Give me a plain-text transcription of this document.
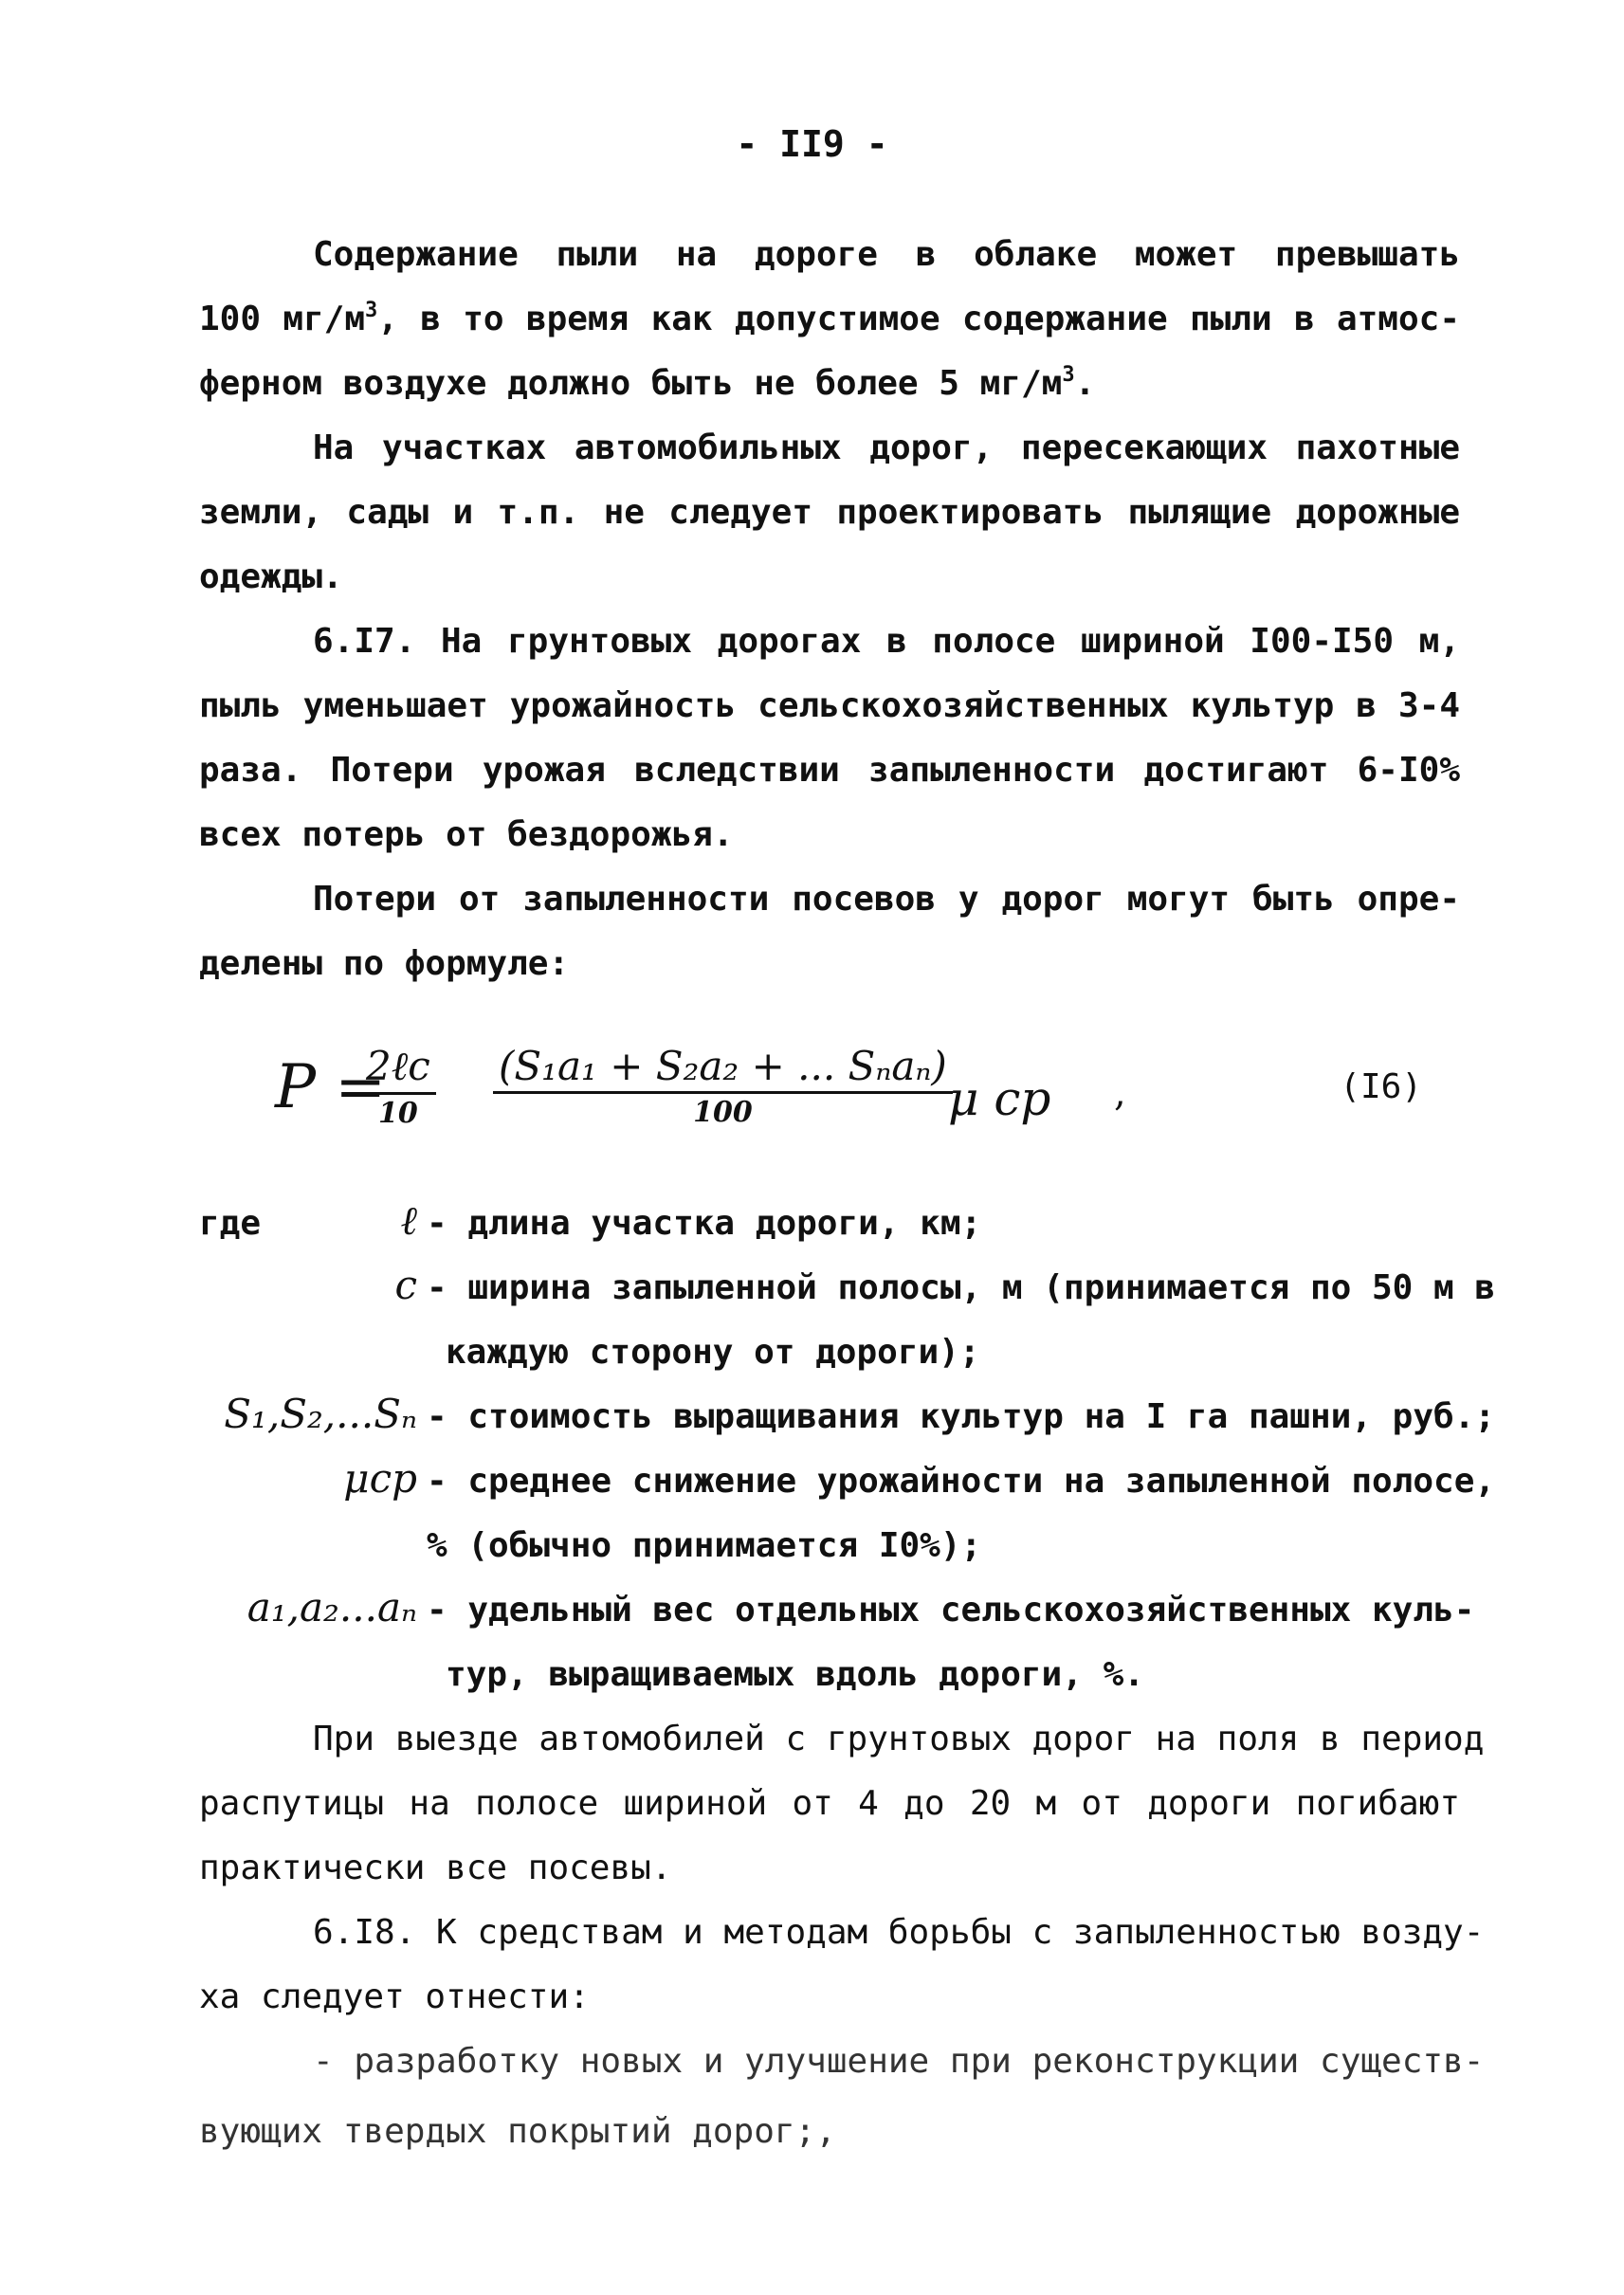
- II9 -
Содержание пыли на дороге в облаке может превышать
100 $мг/м^3$, в то время как допустимое содержание пыли в атмос-
ферном воздухе должно быть не более 5 $мг/м^3$.
На участках автомобильных дорог, пересекающих пахотные
земли, сады и т.п. не следует проектировать пылящие дорожные
одежды.
6.I7. На грунтовых дорогах в полосе шириной I00-I50 м,
пыль уменьшает урожайность сельскохозяйственных культур в 3-4
раза. Потери урожая вследствии запыленности достигают 6-I0%
всех потерь от бездорожья.
Потери от запыленности посевов у дорог могут быть опре-
делены по формуле:
P =
2ℓc
10
(S₁a₁ + S₂a₂ + ... Sₙaₙ)
100	μ ср ,	(I6)
где	ℓ - длина участка дороги, км;
c - ширина запыленной полосы, м (принимается по 50 м в
каждую сторону от дороги);
S₁,S₂,...Sₙ - стоимость выращивания культур на I га пашни, руб.;
μср - среднее снижение урожайности на запыленной полосе,
% (обычно принимается I0%);
a₁,a₂...aₙ - удельный вес отдельных сельскохозяйственных куль-
тур, выращиваемых вдоль дороги, %.
При выезде автомобилей с грунтовых дорог на поля в период
распутицы на полосе шириной от 4 до 20 м от дороги погибают
практически все посевы.
6.I8. К средствам и методам борьбы с запыленностью возду-
ха следует отнести:
- разработку новых и улучшение при реконструкции существ-
вующих твердых покрытий дорог;,
